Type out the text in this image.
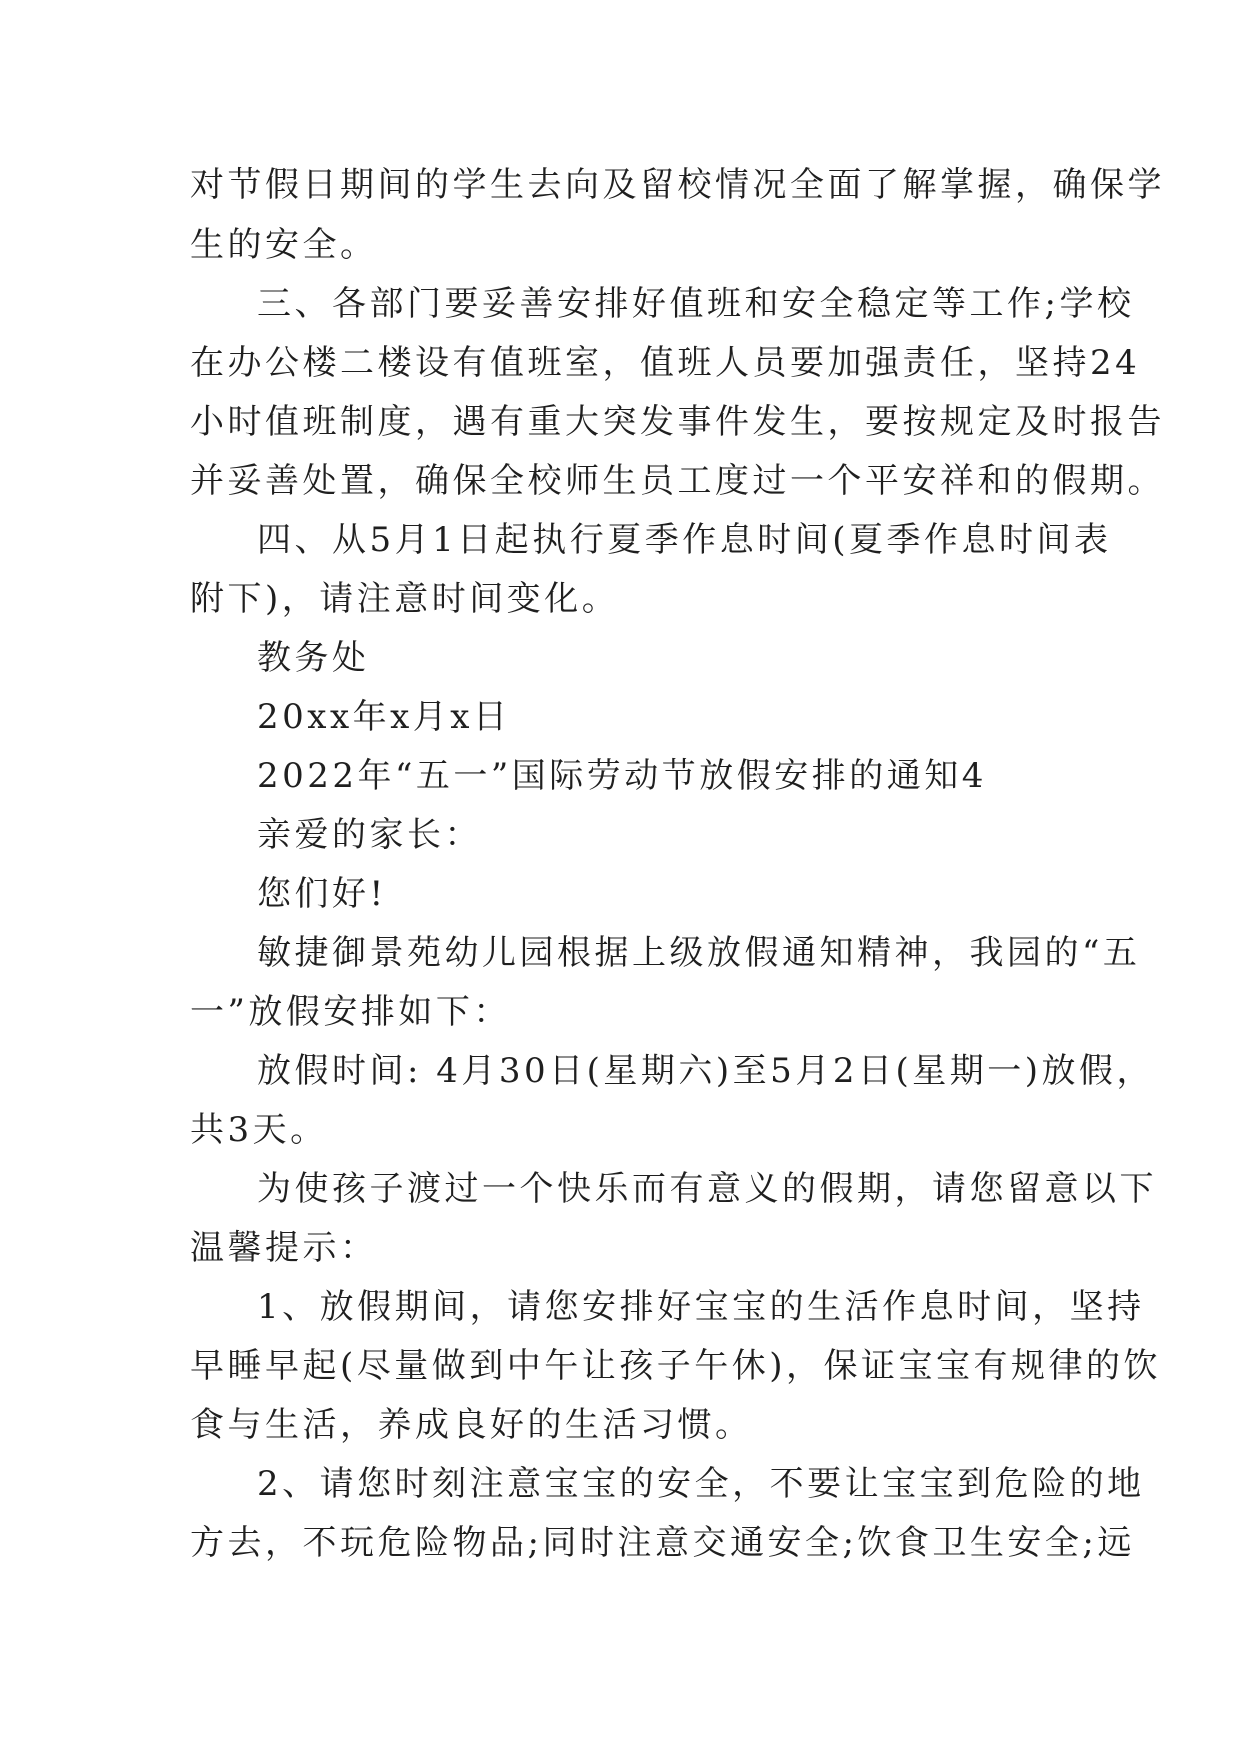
对节假日期间的学生去向及留校情况全面了解掌握，确保学
生的安全。
三、各部门要妥善安排好值班和安全稳定等工作;学校
在办公楼二楼设有值班室，值班人员要加强责任，坚持24
小时值班制度，遇有重大突发事件发生，要按规定及时报告
并妥善处置，确保全校师生员工度过一个平安祥和的假期。
四、从5月1日起执行夏季作息时间(夏季作息时间表
附下)，请注意时间变化。
教务处
20xx年x月x日
2022年“五一”国际劳动节放假安排的通知4
亲爱的家长：
您们好!
敏捷御景苑幼儿园根据上级放假通知精神，我园的“五
一”放假安排如下：
放假时间: 4月30日(星期六)至5月2日(星期一)放假，
共3天。
为使孩子渡过一个快乐而有意义的假期，请您留意以下
温馨提示：
1、放假期间，请您安排好宝宝的生活作息时间，坚持
早睡早起(尽量做到中午让孩子午休)，保证宝宝有规律的饮
食与生活，养成良好的生活习惯。
2、请您时刻注意宝宝的安全，不要让宝宝到危险的地
方去，不玩危险物品;同时注意交通安全;饮食卫生安全;远
